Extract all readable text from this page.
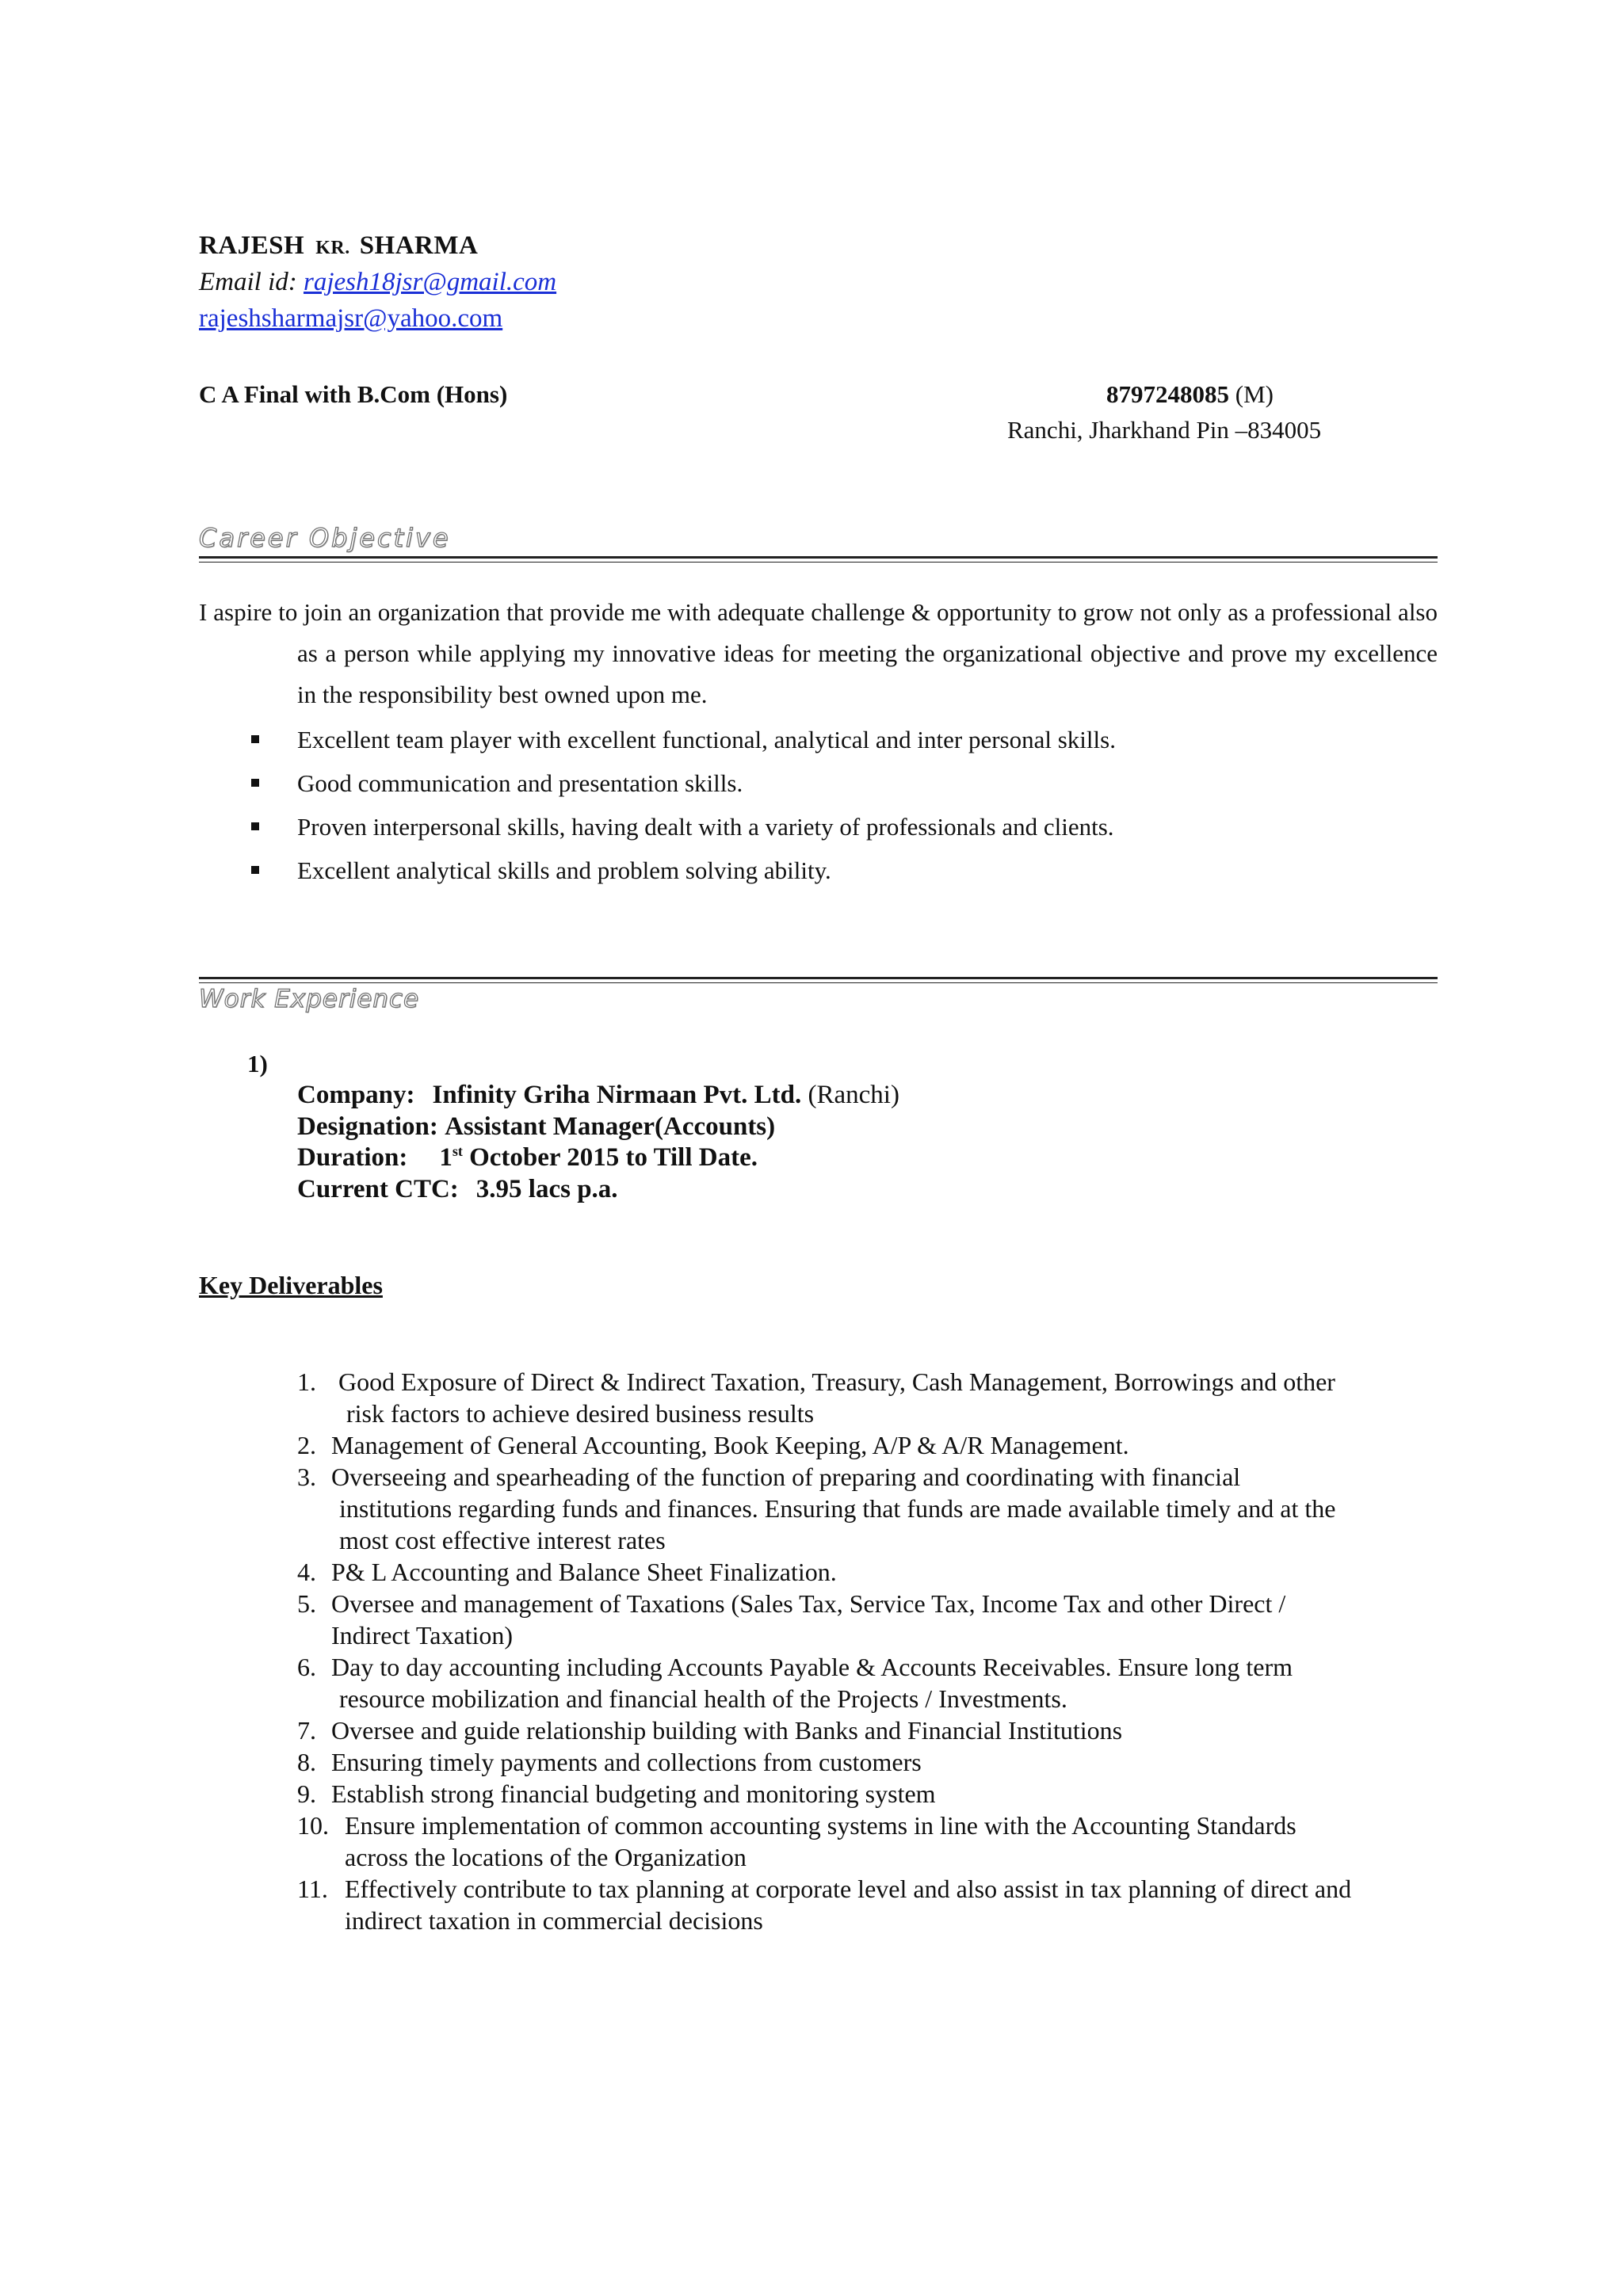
RAJESH KR. SHARMA
Email id: rajesh18jsr@gmail.com
rajeshsharmajsr@yahoo.com
C A Final with B.Com (Hons)	8797248085 (M)
Ranchi, Jharkhand Pin –834005
Career Objective
I aspire to join an organization that provide me with adequate challenge & opportunity to grow not only as a professional also as a person while applying my innovative ideas for meeting the organizational objective and prove my excellence in the responsibility best owned upon me.
Excellent team player with excellent functional, analytical and inter personal skills.
Good communication and presentation skills.
Proven interpersonal skills, having dealt with a variety of professionals and clients.
Excellent analytical skills and problem solving ability.
Work Experience
1)
Company: Infinity Griha Nirmaan Pvt. Ltd. (Ranchi)
Designation: Assistant Manager(Accounts)
Duration: 1st October 2015 to Till Date.
Current CTC: 3.95 lacs p.a.
Key Deliverables
1. Good Exposure of Direct & Indirect Taxation, Treasury, Cash Management, Borrowings and other
risk factors to achieve desired business results
2. Management of General Accounting, Book Keeping, A/P & A/R Management.
3. Overseeing and spearheading of the function of preparing and coordinating with financial
institutions regarding funds and finances. Ensuring that funds are made available timely and at the
most cost effective interest rates
4. P& L Accounting and Balance Sheet Finalization.
5. Oversee and management of Taxations (Sales Tax, Service Tax, Income Tax and other Direct /
Indirect Taxation)
6. Day to day accounting including Accounts Payable & Accounts Receivables. Ensure long term
resource mobilization and financial health of the Projects / Investments.
7. Oversee and guide relationship building with Banks and Financial Institutions
8. Ensuring timely payments and collections from customers
9. Establish strong financial budgeting and monitoring system
10. Ensure implementation of common accounting systems in line with the Accounting Standards
across the locations of the Organization
11. Effectively contribute to tax planning at corporate level and also assist in tax planning of direct and
indirect taxation in commercial decisions
